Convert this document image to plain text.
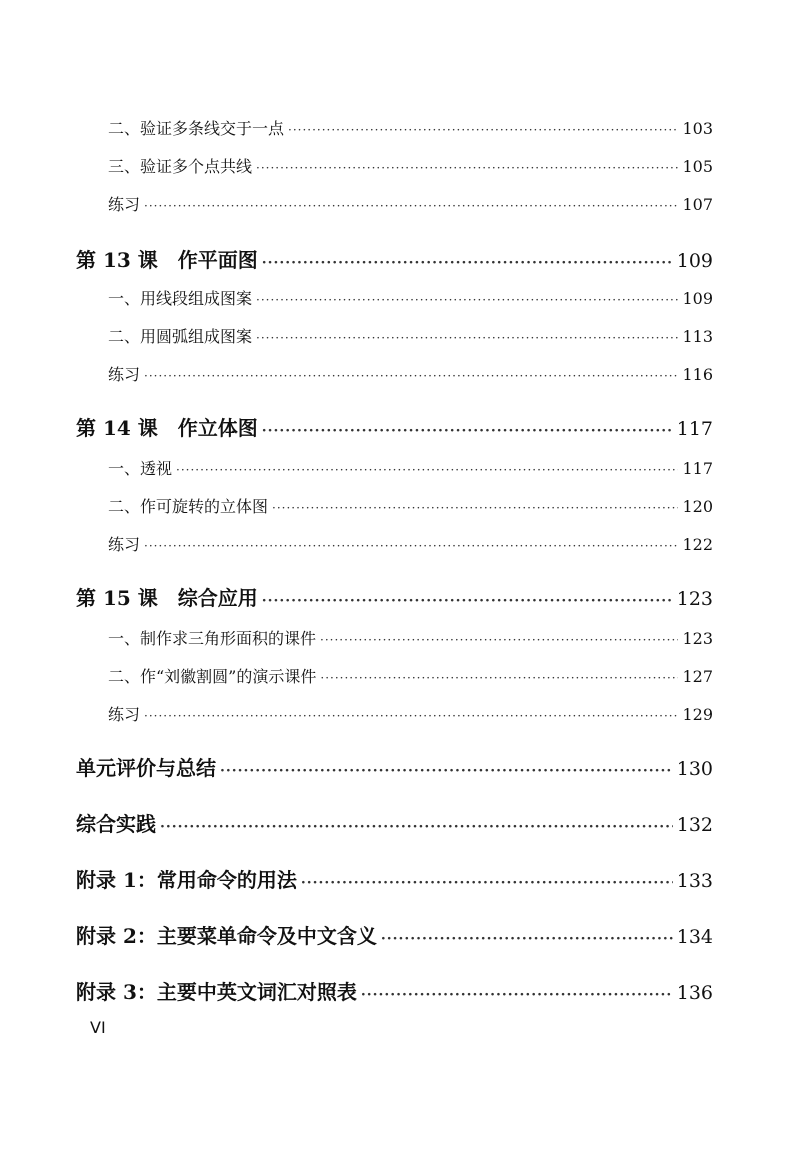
二、验证多条线交于一点 ·····	103
三、验证多个点共线 ·····	105
练习 ·····	107
第 13 课 作平面图 ·····	109
一、用线段组成图案 ·····	109
二、用圆弧组成图案 ·····	113
练习 ·····	116
第 14 课 作立体图 ·····	117
一、透视 ·····	117
二、作可旋转的立体图 ·····	120
练习 ·····	122
第 15 课 综合应用 ·····	123
一、制作求三角形面积的课件 ·····	123
二、作“刘徽割圆”的演示课件 ·····	127
练习 ·····	129
单元评价与总结 ·····	130
综合实践 ·····	132
附录 1：常用命令的用法 ·····	133
附录 2：主要菜单命令及中文含义 ·····	134
附录 3：主要中英文词汇对照表 ·····	136
VI
